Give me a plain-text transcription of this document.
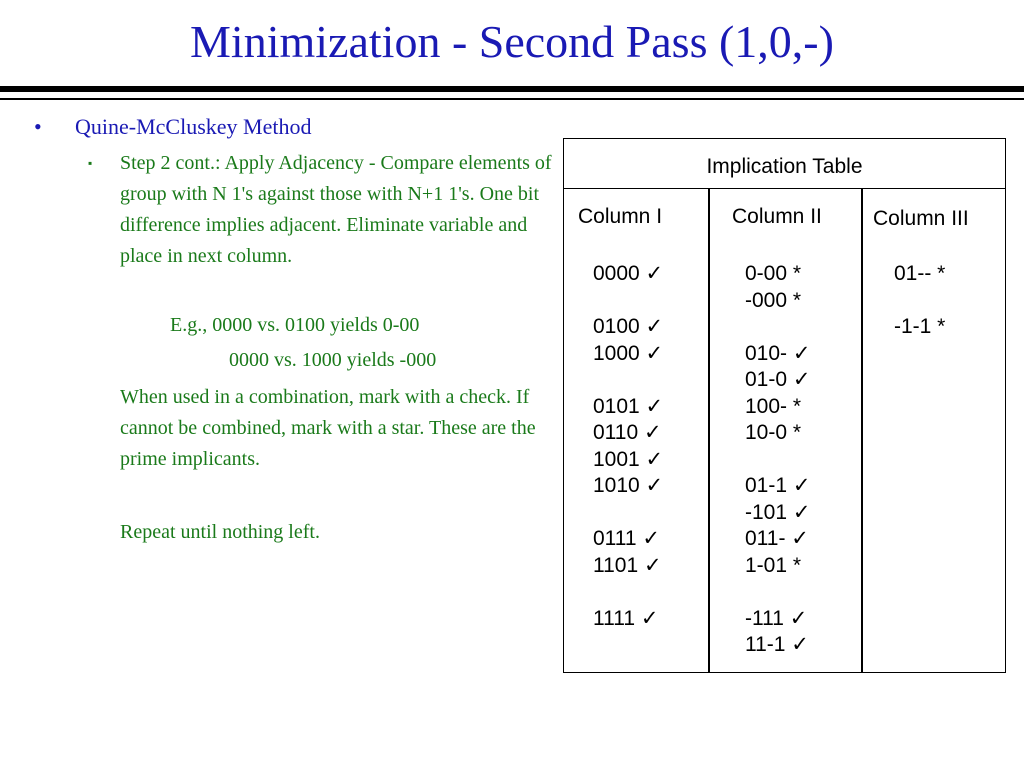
Minimization - Second Pass (1,0,-)
• Quine-McCluskey Method
▪ Step 2 cont.: Apply Adjacency - Compare elements of group with N 1's against those with N+1 1's. One bit difference implies adjacent. Eliminate variable and place in next column.
E.g., 0000 vs. 0100 yields 0-00
0000 vs. 1000 yields -000
When used in a combination, mark with a check. If cannot be combined, mark with a star. These are the prime implicants.
Repeat until nothing left.
Implication Table
Column I
0000 ✓
0100 ✓
1000 ✓
0101 ✓
0110 ✓
1001 ✓
1010 ✓
0111 ✓
1101 ✓
1111 ✓
Column II
0-00 *
-000 *
010- ✓
01-0 ✓
100- *
10-0 *
01-1 ✓
-101 ✓
011- ✓
1-01 *
-111 ✓
11-1 ✓
Column III
01-- *
-1-1 *
